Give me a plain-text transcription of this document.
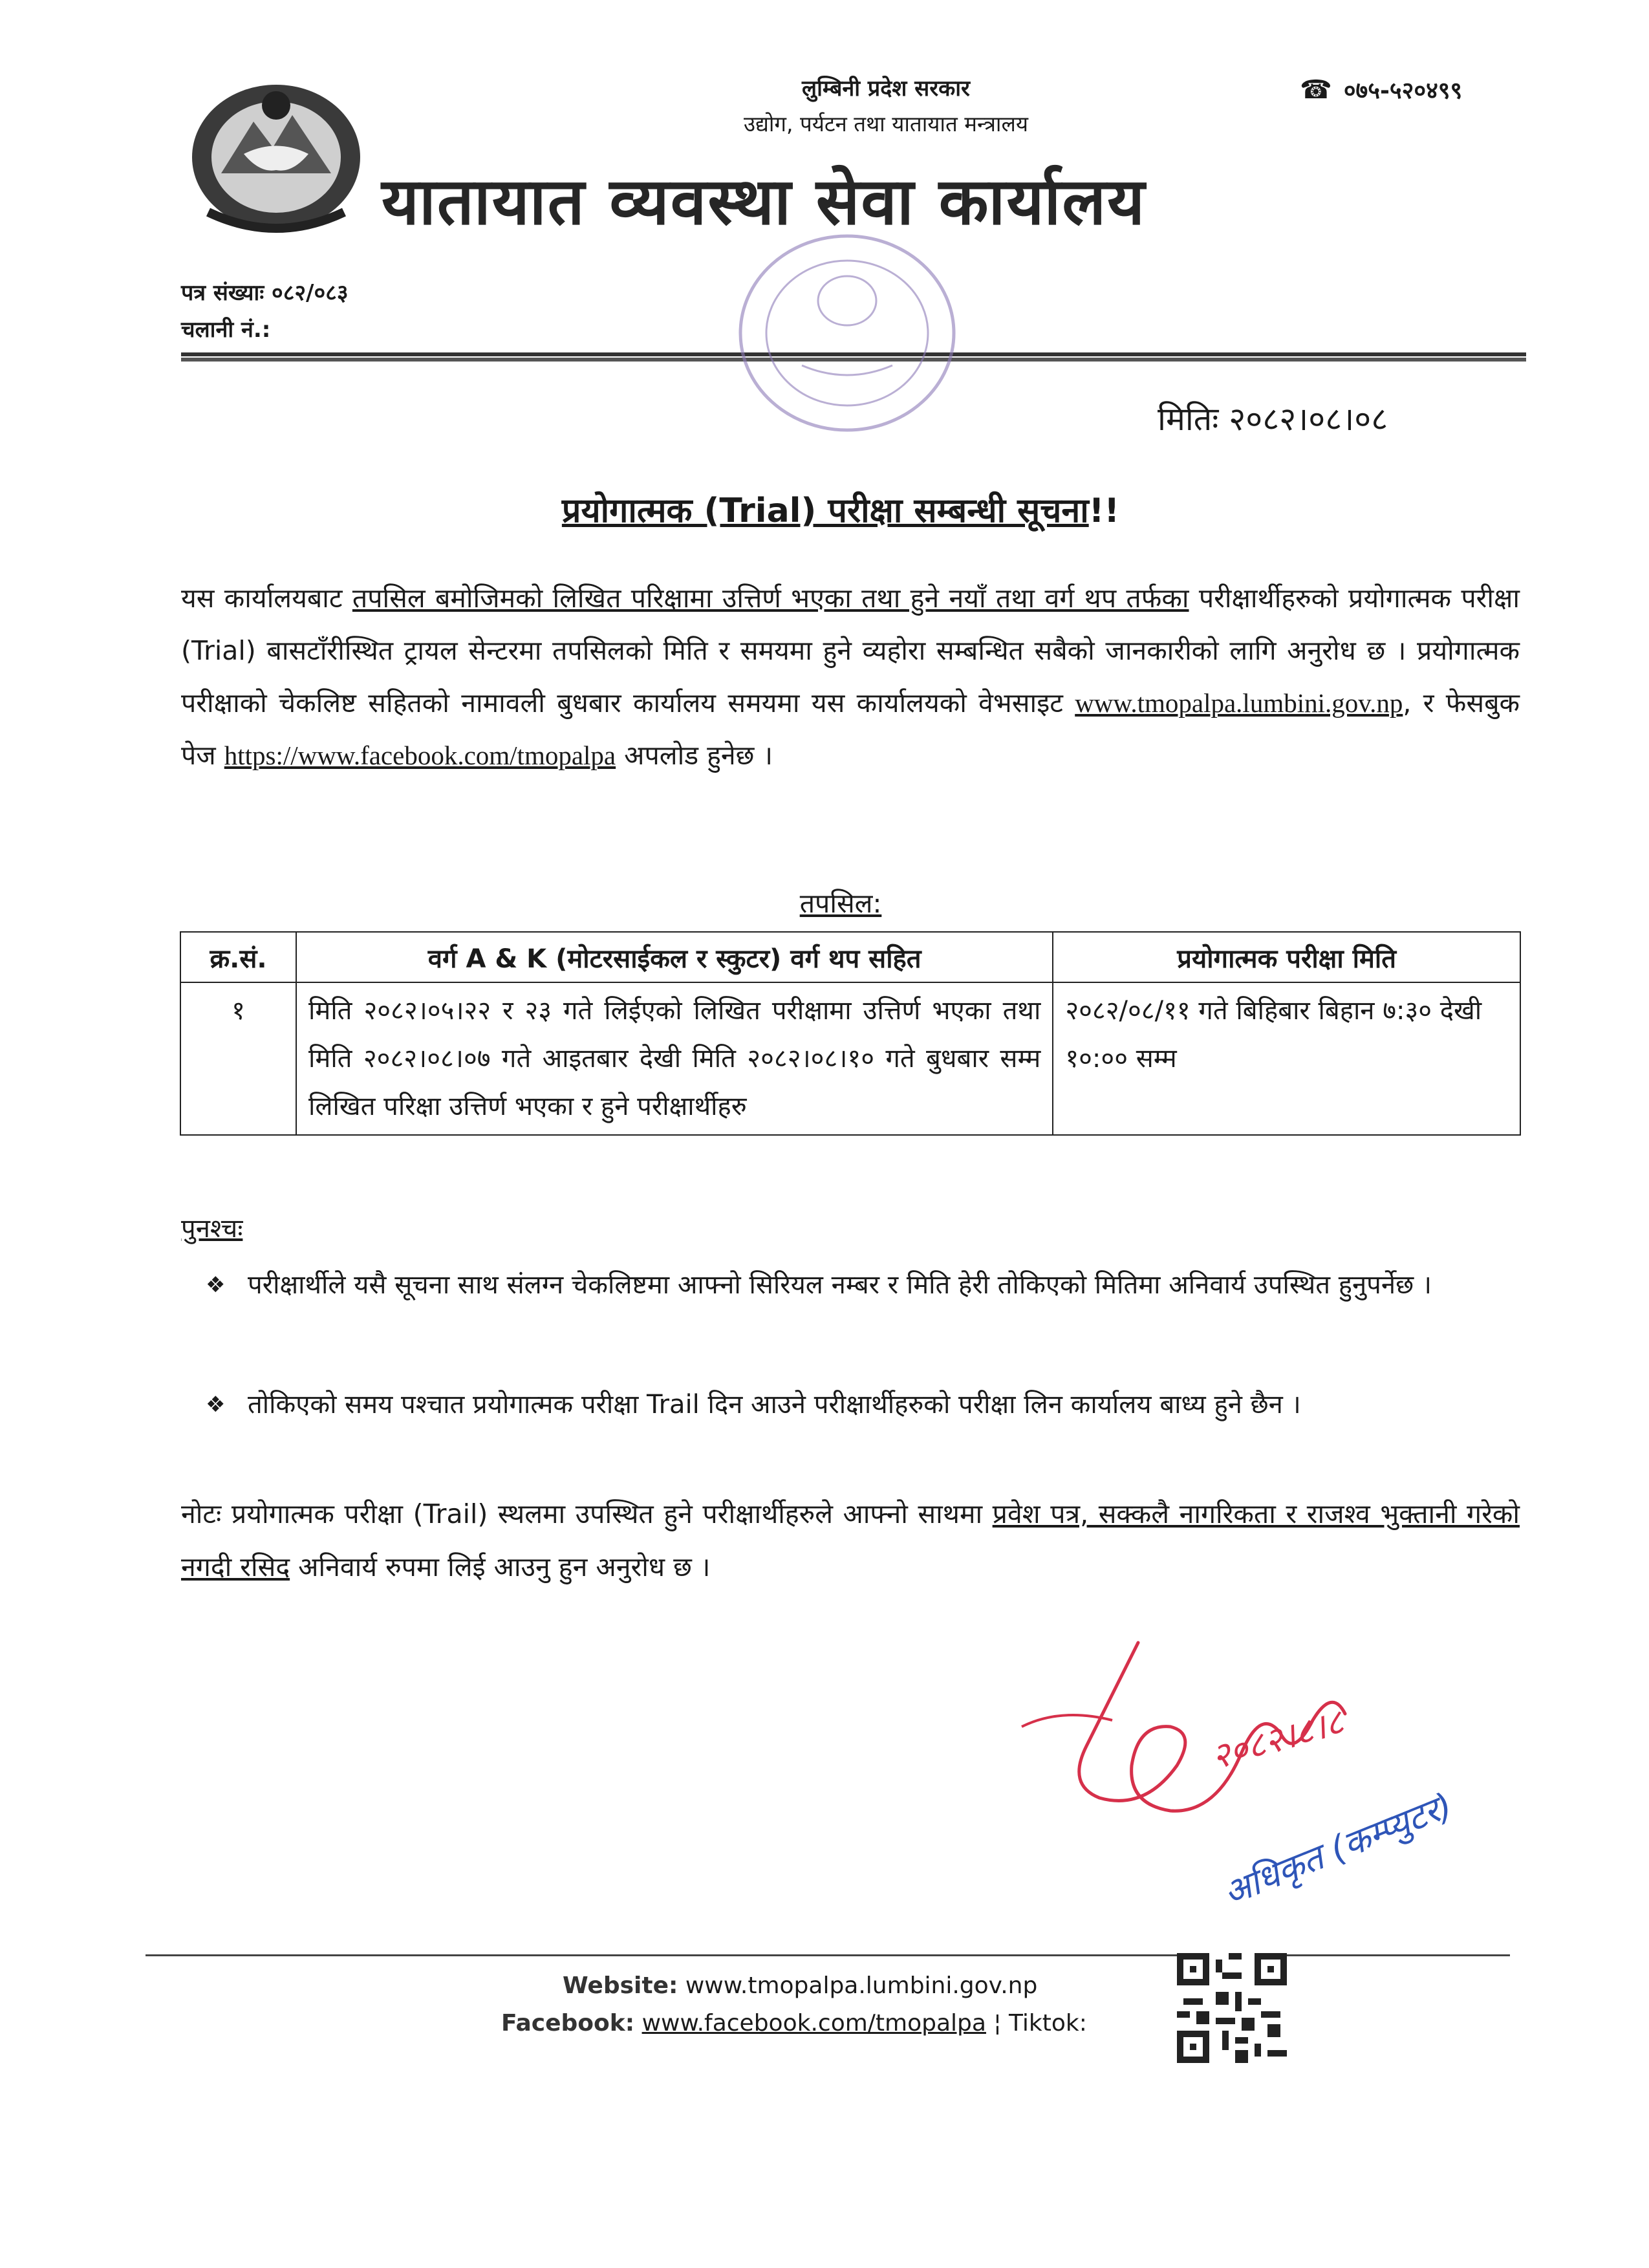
लुम्बिनी प्रदेश सरकार
उद्योग, पर्यटन तथा यातायात मन्त्रालय
यातायात व्यवस्था सेवा कार्यालय
☎ ०७५-५२०४९९
पत्र संख्याः ०८२/०८३
चलानी नं.:
मितिः २०८२।०८।०८
प्रयोगात्मक (Trial) परीक्षा सम्बन्धी सूचना!!
यस कार्यालयबाट तपसिल बमोजिमको लिखित परिक्षामा उत्तिर्ण भएका तथा हुने नयाँ तथा वर्ग थप तर्फका परीक्षार्थीहरुको प्रयोगात्मक परीक्षा (Trial) बासटाँरीस्थित ट्रायल सेन्टरमा तपसिलको मिति र समयमा हुने व्यहोरा सम्बन्धित सबैको जानकारीको लागि अनुरोध छ । प्रयोगात्मक परीक्षाको चेकलिष्ट सहितको नामावली बुधबार कार्यालय समयमा यस कार्यालयको वेभसाइट www.tmopalpa.lumbini.gov.np, र फेसबुक पेज https://www.facebook.com/tmopalpa अपलोड हुनेछ ।
तपसिल:
क्र.सं.	वर्ग A & K (मोटरसाईकल र स्कुटर) वर्ग थप सहित	प्रयोगात्मक परीक्षा मिति
१	मिति २०८२।०५।२२ र २३ गते लिईएको लिखित परीक्षामा उत्तिर्ण भएका तथा मिति २०८२।०८।०७ गते आइतबार देखी मिति २०८२।०८।१० गते बुधबार सम्म लिखित परिक्षा उत्तिर्ण भएका र हुने परीक्षार्थीहरु	२०८२/०८/११ गते बिहिबार बिहान ७:३० देखी १०:०० सम्म
पुनश्चः
❖ परीक्षार्थीले यसै सूचना साथ संलग्न चेकलिष्टमा आफ्नो सिरियल नम्बर र मिति हेरी तोकिएको मितिमा अनिवार्य उपस्थित हुनुपर्नेछ ।
❖ तोकिएको समय पश्चात प्रयोगात्मक परीक्षा Trail दिन आउने परीक्षार्थीहरुको परीक्षा लिन कार्यालय बाध्य हुने छैन ।
नोटः प्रयोगात्मक परीक्षा (Trail) स्थलमा उपस्थित हुने परीक्षार्थीहरुले आफ्नो साथमा प्रवेश पत्र, सक्कलै नागरिकता र राजश्व भुक्तानी गरेको नगदी रसिद अनिवार्य रुपमा लिई आउनु हुन अनुरोध छ ।
२०८२।८।८
अधिकृत (कम्प्युटर)
Website: www.tmopalpa.lumbini.gov.np
Facebook: www.facebook.com/tmopalpa ¦ Tiktok:
